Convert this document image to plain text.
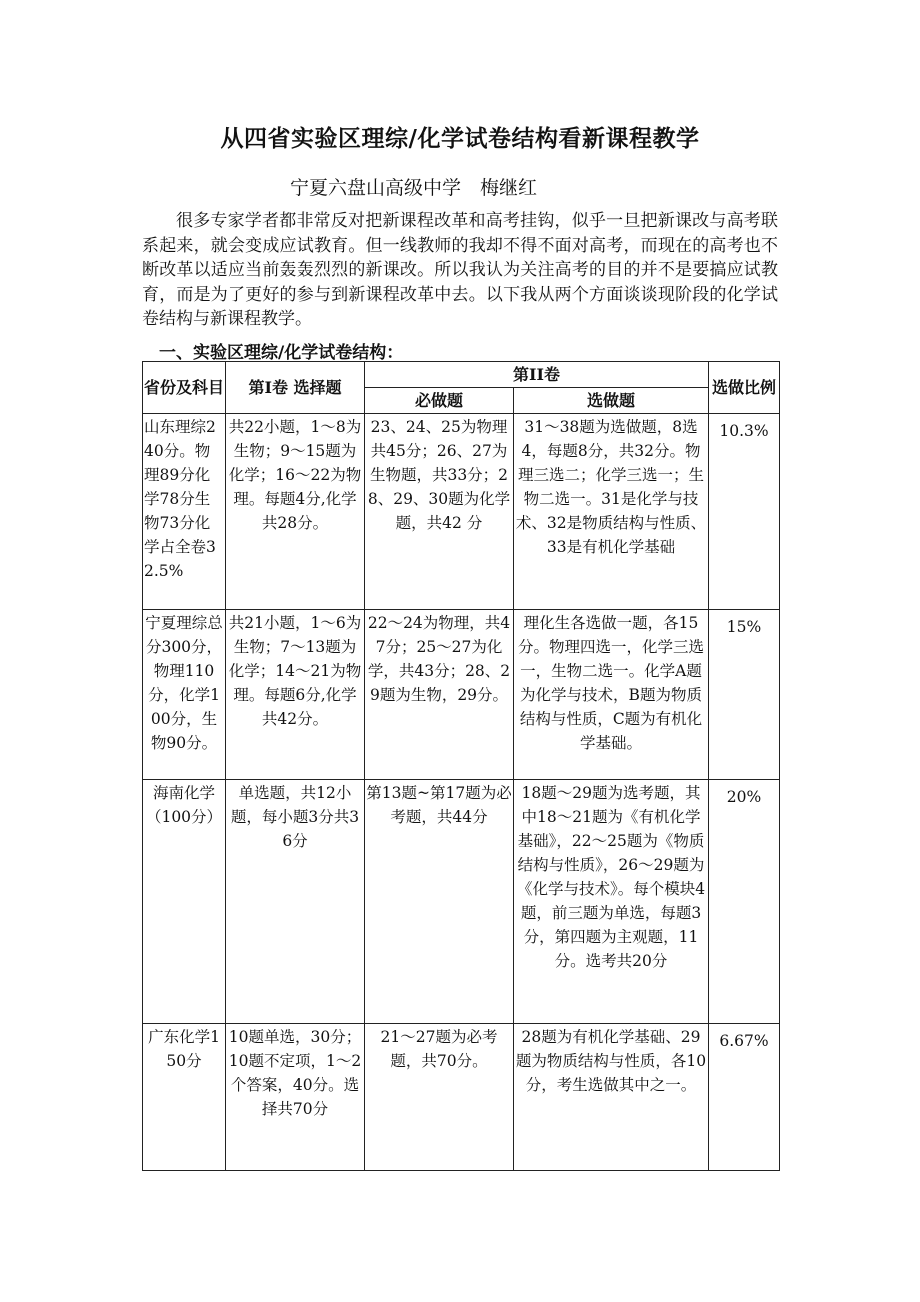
从四省实验区理综/化学试卷结构看新课程教学
宁夏六盘山高级中学　梅继红

很多专家学者都非常反对把新课程改革和高考挂钩，似乎一旦把新课改与高考联系起来，就会变成应试教育。但一线教师的我却不得不面对高考，而现在的高考也不断改革以适应当前轰轰烈烈的新课改。所以我认为关注高考的目的并不是要搞应试教育，而是为了更好的参与到新课程改革中去。以下我从两个方面谈谈现阶段的化学试卷结构与新课程教学。

一、实验区理综/化学试卷结构：
省份及科目	第Ⅰ卷 选择题	第II卷		选做比例
		必做题	选做题	
山东理综240分。物理89分化学78分生物73分化学占全卷32.5%	共22小题，1～8为生物；9～15题为化学；16～22为物理。每题4分,化学共28分。	23、24、25为物理共45分；26、27为生物题，共33分；28、29、30题为化学题，共42 分	31～38题为选做题，8选4，每题8分，共32分。物理三选二；化学三选一；生物二选一。31是化学与技术、32是物质结构与性质、33是有机化学基础	10.3%
宁夏理综总分300分，物理110分，化学100分，生物90分。	共21小题，1～6为生物；7～13题为化学；14～21为物理。每题6分,化学共42分。	22～24为物理，共47分；25～27为化学，共43分；28、29题为生物，29分。	理化生各选做一题，各15分。物理四选一，化学三选一，生物二选一。化学A题为化学与技术，B题为物质结构与性质，C题为有机化学基础。	15%
海南化学（100分）	单选题，共12小题，每小题3分共36分	第13题~第17题为必考题，共44分	18题～29题为选考题，其中18～21题为《有机化学基础》，22～25题为《物质结构与性质》，26～29题为《化学与技术》。每个模块4题，前三题为单选，每题3分，第四题为主观题，11分。选考共20分	20%
广东化学150分	10题单选，30分；10题不定项，1～2个答案，40分。选择共70分	21～27题为必考题，共70分。	28题为有机化学基础、29题为物质结构与性质，各10分，考生选做其中之一。	6.67%
